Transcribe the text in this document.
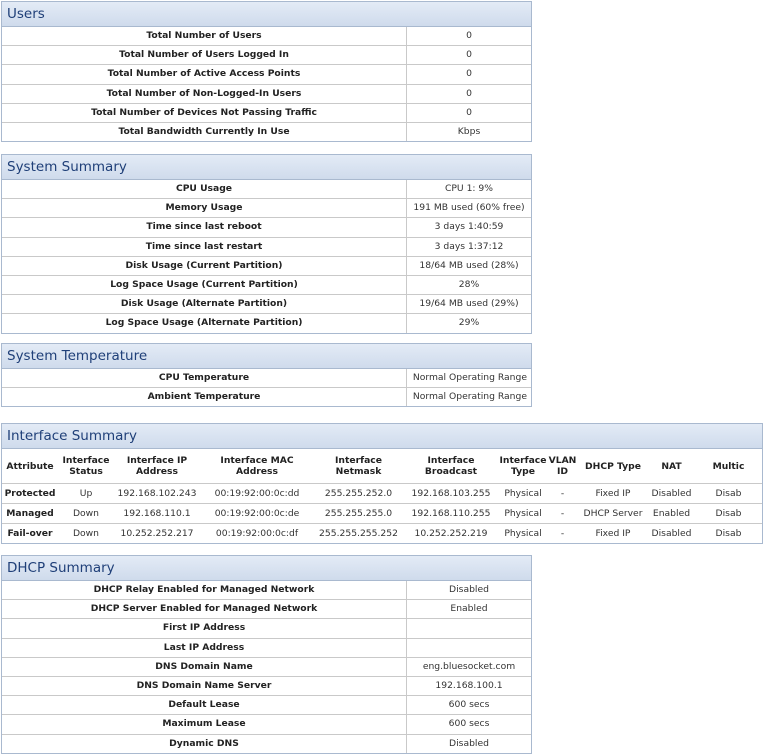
Users
Total Number of Users	0
Total Number of Users Logged In	0
Total Number of Active Access Points	0
Total Number of Non-Logged-In Users	0
Total Number of Devices Not Passing Traffic	0
Total Bandwidth Currently In Use	Kbps
System Summary
CPU Usage	CPU 1: 9%
Memory Usage	191 MB used (60% free)
Time since last reboot	3 days 1:40:59
Time since last restart	3 days 1:37:12
Disk Usage (Current Partition)	18/64 MB used (28%)
Log Space Usage (Current Partition)	28%
Disk Usage (Alternate Partition)	19/64 MB used (29%)
Log Space Usage (Alternate Partition)	29%
System Temperature
CPU Temperature	Normal Operating Range
Ambient Temperature	Normal Operating Range
Interface Summary
Attribute	Interface Status	Interface IP Address	Interface MAC Address	Interface Netmask	Interface Broadcast	Interface Type	VLAN ID	DHCP Type	NAT	Multic
Protected	Up	192.168.102.243	00:19:92:00:0c:dd	255.255.252.0	192.168.103.255	Physical	-	Fixed IP	Disabled	Disab
Managed	Down	192.168.110.1	00:19:92:00:0c:de	255.255.255.0	192.168.110.255	Physical	-	DHCP Server	Enabled	Disab
Fail-over	Down	10.252.252.217	00:19:92:00:0c:df	255.255.255.252	10.252.252.219	Physical	-	Fixed IP	Disabled	Disab
DHCP Summary
DHCP Relay Enabled for Managed Network	Disabled
DHCP Server Enabled for Managed Network	Enabled
First IP Address
Last IP Address
DNS Domain Name	eng.bluesocket.com
DNS Domain Name Server	192.168.100.1
Default Lease	600 secs
Maximum Lease	600 secs
Dynamic DNS	Disabled
